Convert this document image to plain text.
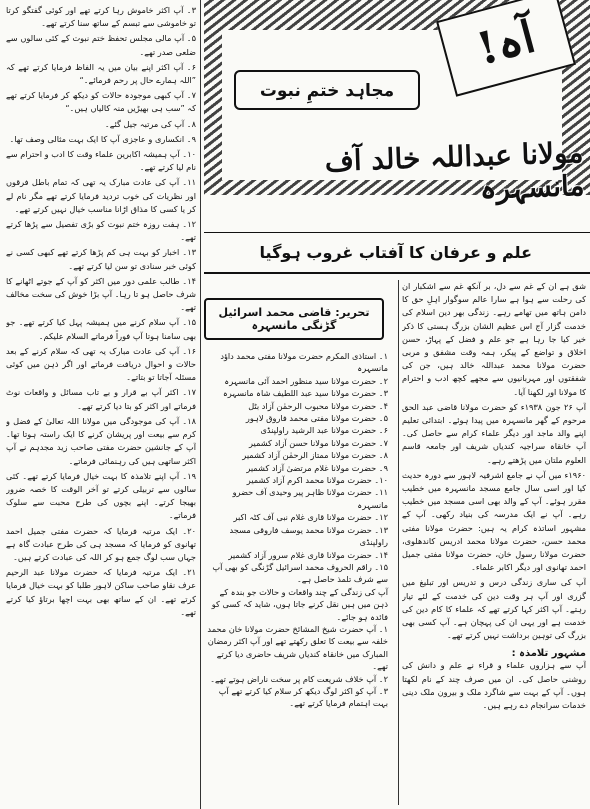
۳۔ آپ اکثر خاموش رہا کرتے تھے اور کوئی گفتگو کرتا تو خاموشی سے تبسم کے ساتھ سنا کرتے تھے۔

۵۔ آپ مالی مجلس تحفظ ختم نبوت کے کئی سالوں سے ضلعی صدر تھے۔

۶۔ آپ اکثر اپنے بیان میں یہ الفاظ فرمایا کرتے تھے کہ ”اللہ ہمارے حال پر رحم فرمائے۔“

۷۔ آپ کبھی موجودہ حالات کو دیکھ کر فرمایا کرتے تھے کہ ”سب ہی بھیڑیں منہ کالیاں ہیں۔“

۸۔ آپ کی مرتبہ جیل گئے۔

۹۔ انکساری و عاجزی آپ کا ایک بہت مثالی وصف تھا۔

۱۰۔ آپ ہمیشہ اکابرین علماء وقت کا ادب و احترام سے نام لیا کرتے تھے۔

۱۱۔ آپ کی عادت مبارک یہ تھی کہ تمام باطل فرقوں اور نظریات کی خوب تردید فرمایا کرتے تھے مگر نام لے کر یا کسی کا مذاق اڑانا مناسب خیال نہیں کرتے تھے۔

۱۲۔ ہفت روزہ ختم نبوت کو بڑی تفصیل سے پڑھا کرتے تھے۔

۱۳۔ اخبار کو بہت ہی کم پڑھا کرتے تھے کبھی کسی نے کوئی خبر سنادی تو سن لیا کرتے تھے۔

۱۴۔ طالب علمی دور میں اکثر کو آپ کے جوتے اٹھانے کا شرف حاصل ہو تا رہا۔ آپ بڑا خوش کی سخت مخالف تھے۔

۱۵۔ آپ سلام کرنے میں ہمیشہ پہل کیا کرتے تھے۔ جو بھی سامنا ہوتا آپ فوراً فرماتے السلام علیکم۔

۱۶۔ آپ کی عادت مبارک یہ تھی کہ سلام کرنے کے بعد حالات و احوال دریافت فرماتے اور اگر ذہن میں کوئی مسئلہ آجاتا تو بتاتے۔

۱۷۔ اکثر آپ بے قرار و بے تاب مسائل و واقعات نوٹ فرماتے اور اکثر کو بتا دیا کرتے تھے۔

۱۸۔ آپ کی موجودگی میں مولانا اللہ تعالیٰ کے فضل و کرم سے بیعت اور پریشان کرنے کا ایک راستہ ہوتا تھا۔ آپ کے جانشین حضرت مفتی صاحب زید مجدہم نے آپ اکثر ساتھی ہیں کی رہنمائی فرماتے۔

۱۹۔ آپ اپنے تلامذہ کا بہت خیال فرمایا کرتے تھے۔ کئی سالوں سے تربیلی کرتے تو آخر الوقت کا خصہ ضرور بھیجا کرتے۔ اپنے بچوں کی طرح محبت سے سلوک فرماتے۔

۲۰۔ ایک مرتبہ فرمایا کہ حضرت مفتی جمیل احمد تھانوی کو فرمایا کہ مسجد ہی کی طرح عبادت گاہ ہے جہاں سب لوگ جمع ہو کر اللہ کی عبادت کرتے ہیں۔

۲۱۔ ایک مرتبہ فرمایا کہ حضرت مولانا عبد الرحیم عرف نقاو صاحب ساکن لاہور طلبا کو بہت خیال فرمایا کرتے تھے۔ ان کے ساتھ بھی بہت اچھا برتاؤ کیا کرتے تھے۔

مجاہد ختمِ نبوت
مولانا عبداللہ خالد آف مانسہرہ
آہ!
علم و عرفان کا آفتاب غروب ہوگیا
تحریر: قاضی محمد اسرائیل گڑنگی مانسہرہ
۱۔ استاذی المکرم حضرت مولانا مفتی محمد داؤد مانسہرہ
۲۔ حضرت مولانا سید منظور احمد آئی مانسہرہ
۳۔ حضرت مولانا سید عبد اللطیف شاہ مانسہرہ
۴۔ حضرت مولانا محبوب الرحمٰن آزاد بٹل
۵۔ حضرت مولانا مفتی محمد فاروق لاہور
۶۔ حضرت مولانا عبد الرشید راولپنڈی
۷۔ حضرت مولانا مولانا حسن آزاد کشمیر
۸۔ حضرت مولانا ممتاز الرحمٰن آزاد کشمیر
۹۔ حضرت مولانا غلام مرتضیٰ آزاد کشمیر
۱۰۔ حضرت مولانا محمد اکرم آزاد کشمیر
۱۱۔ حضرت مولانا ظاہر پیر وحیدی آف حضرو مانسہرہ
۱۲۔ حضرت مولانا قاری غلام نبی آف کٹہ اکبر
۱۳۔ حضرت مولانا محمد یوسف فاروقی مسجد راولپنڈی
۱۴۔ حضرت مولانا قاری غلام سرور آزاد کشمیر
۱۵۔ راقم الحروف محمد اسرائیل گڑنگی کو بھی آپ سے شرف تلمذ حاصل ہے۔
آپ کی زندگی کے چند واقعات و حالات جو بندہ کے ذہن میں ہیں نقل کرنے جاتا ہوں، شاید کہ کسی کو فائدہ ہو جائے۔
۱۔ آپ حضرت شیخ المشائخ حضرت مولانا خان محمد خلفہ سے بیعت کا تعلق رکھتے تھے اور آپ اکثر رمضان المبارک میں خانقاہ کندیاں شریف حاضری دیا کرتے تھے۔
۲۔ آپ خلاف شریعت کام پر سخت ناراض ہوتے تھے۔
۳۔ آپ کو اکثر لوگ دیکھ کر سلام کیا کرتے تھے آپ بہت اہتمام فرمایا کرتے تھے۔

شق ہے ان کے غم سے دل، بر آنکھ غم سے اشکبار ان کی رحلت سے ہوا ہے سارا عالم سوگوار اہلِ حق کا دامن ہاتھ میں تھامے رہے۔ زندگی بھر دین اسلام کی خدمت گزار آج اس عظیم الشان بزرگ ہستی کا ذکر خیر کیا جا رہا ہے جو علم و فضل کے پہاڑ، حسن اخلاق و تواضع کے پیکر، ہمہ وقت مشفق و مربی حضرت مولانا محمد عبداللہ خالد ہیں، جن کی شفقتوں اور مہربانیوں سے مجھے کچھ ادب و احترام کا مولانا اور لکھنا آیا۔

آپ ۲۶ جون ۱۹۳۸ء کو حضرت مولانا قاضی عبد الحق مرحوم کے گھر مانسہرہ میں پیدا ہوئے۔ ابتدائی تعلیم اپنے والد ماجد اور دیگر علماء کرام سے حاصل کی۔ آپ خانقاہ سراجیہ کندیاں شریف اور جامعہ قاسم العلوم ملتان میں پڑھتے رہے۔

۱۹۶۰ء میں آپ نے جامع اشرفیہ لاہور سے دورہ حدیث کیا اور اسی سال جامع مسجد مانسہرہ میں خطیب مقرر ہوئے۔ آپ کے والد بھی اسی مسجد میں خطیب رہے۔ آپ نے ایک مدرسہ کی بنیاد رکھی۔ آپ کے مشہور اساتذہ کرام یہ ہیں: حضرت مولانا مفتی محمد حسن، حضرت مولانا محمد ادریس کاندھلوی، حضرت مولانا رسول خان، حضرت مولانا مفتی جمیل احمد تھانوی اور دیگر اکابر علماء۔

آپ کی ساری زندگی درس و تدریس اور تبلیغ میں گزری اور آپ ہر وقت دین کی خدمت کے لئے تیار رہتے۔ آپ اکثر کہا کرتے تھے کہ علماء کا کام دین کی خدمت ہے اور یہی ان کی پہچان ہے۔ آپ کسی بھی بزرگ کی توہین برداشت نہیں کرتے تھے۔

مشہور تلامذہ :

آپ سے ہزاروں علماء و قراء نے علم و دانش کی روشنی حاصل کی۔ ان میں صرف چند کے نام لکھتا ہوں۔ آپ کے بہت سے شاگرد ملک و بیرون ملک دینی خدمات سرانجام دے رہے ہیں۔
